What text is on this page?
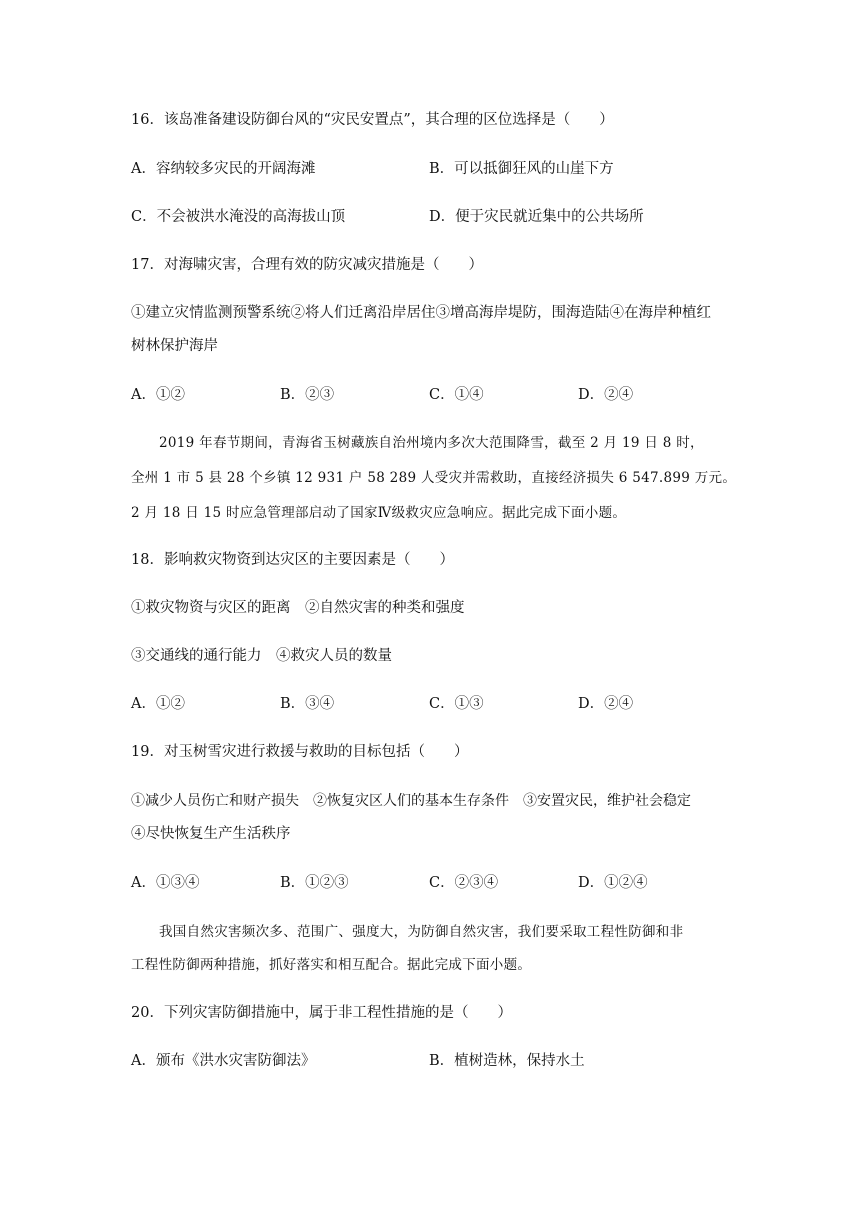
16．该岛准备建设防御台风的“灾民安置点”，其合理的区位选择是（　　）
A．容纳较多灾民的开阔海滩	B．可以抵御狂风的山崖下方
C．不会被洪水淹没的高海拔山顶	D．便于灾民就近集中的公共场所
17．对海啸灾害，合理有效的防灾减灾措施是（　　）
①建立灾情监测预警系统②将人们迁离沿岸居住③增高海岸堤防，围海造陆④在海岸种植红
树林保护海岸
A．①②	B．②③	C．①④	D．②④
2019 年春节期间，青海省玉树藏族自治州境内多次大范围降雪，截至 2 月 19 日 8 时，
全州 1 市 5 县 28 个乡镇 12 931 户 58 289 人受灾并需救助，直接经济损失 6 547.899 万元。
2 月 18 日 15 时应急管理部启动了国家Ⅳ级救灾应急响应。据此完成下面小题。
18．影响救灾物资到达灾区的主要因素是（　　）
①救灾物资与灾区的距离　②自然灾害的种类和强度
③交通线的通行能力　④救灾人员的数量
A．①②	B．③④	C．①③	D．②④
19．对玉树雪灾进行救援与救助的目标包括（　　）
①减少人员伤亡和财产损失　②恢复灾区人们的基本生存条件　③安置灾民，维护社会稳定
④尽快恢复生产生活秩序
A．①③④	B．①②③	C．②③④	D．①②④
我国自然灾害频次多、范围广、强度大，为防御自然灾害，我们要采取工程性防御和非
工程性防御两种措施，抓好落实和相互配合。据此完成下面小题。
20．下列灾害防御措施中，属于非工程性措施的是（　　）
A．颁布《洪水灾害防御法》	B．植树造林，保持水土
